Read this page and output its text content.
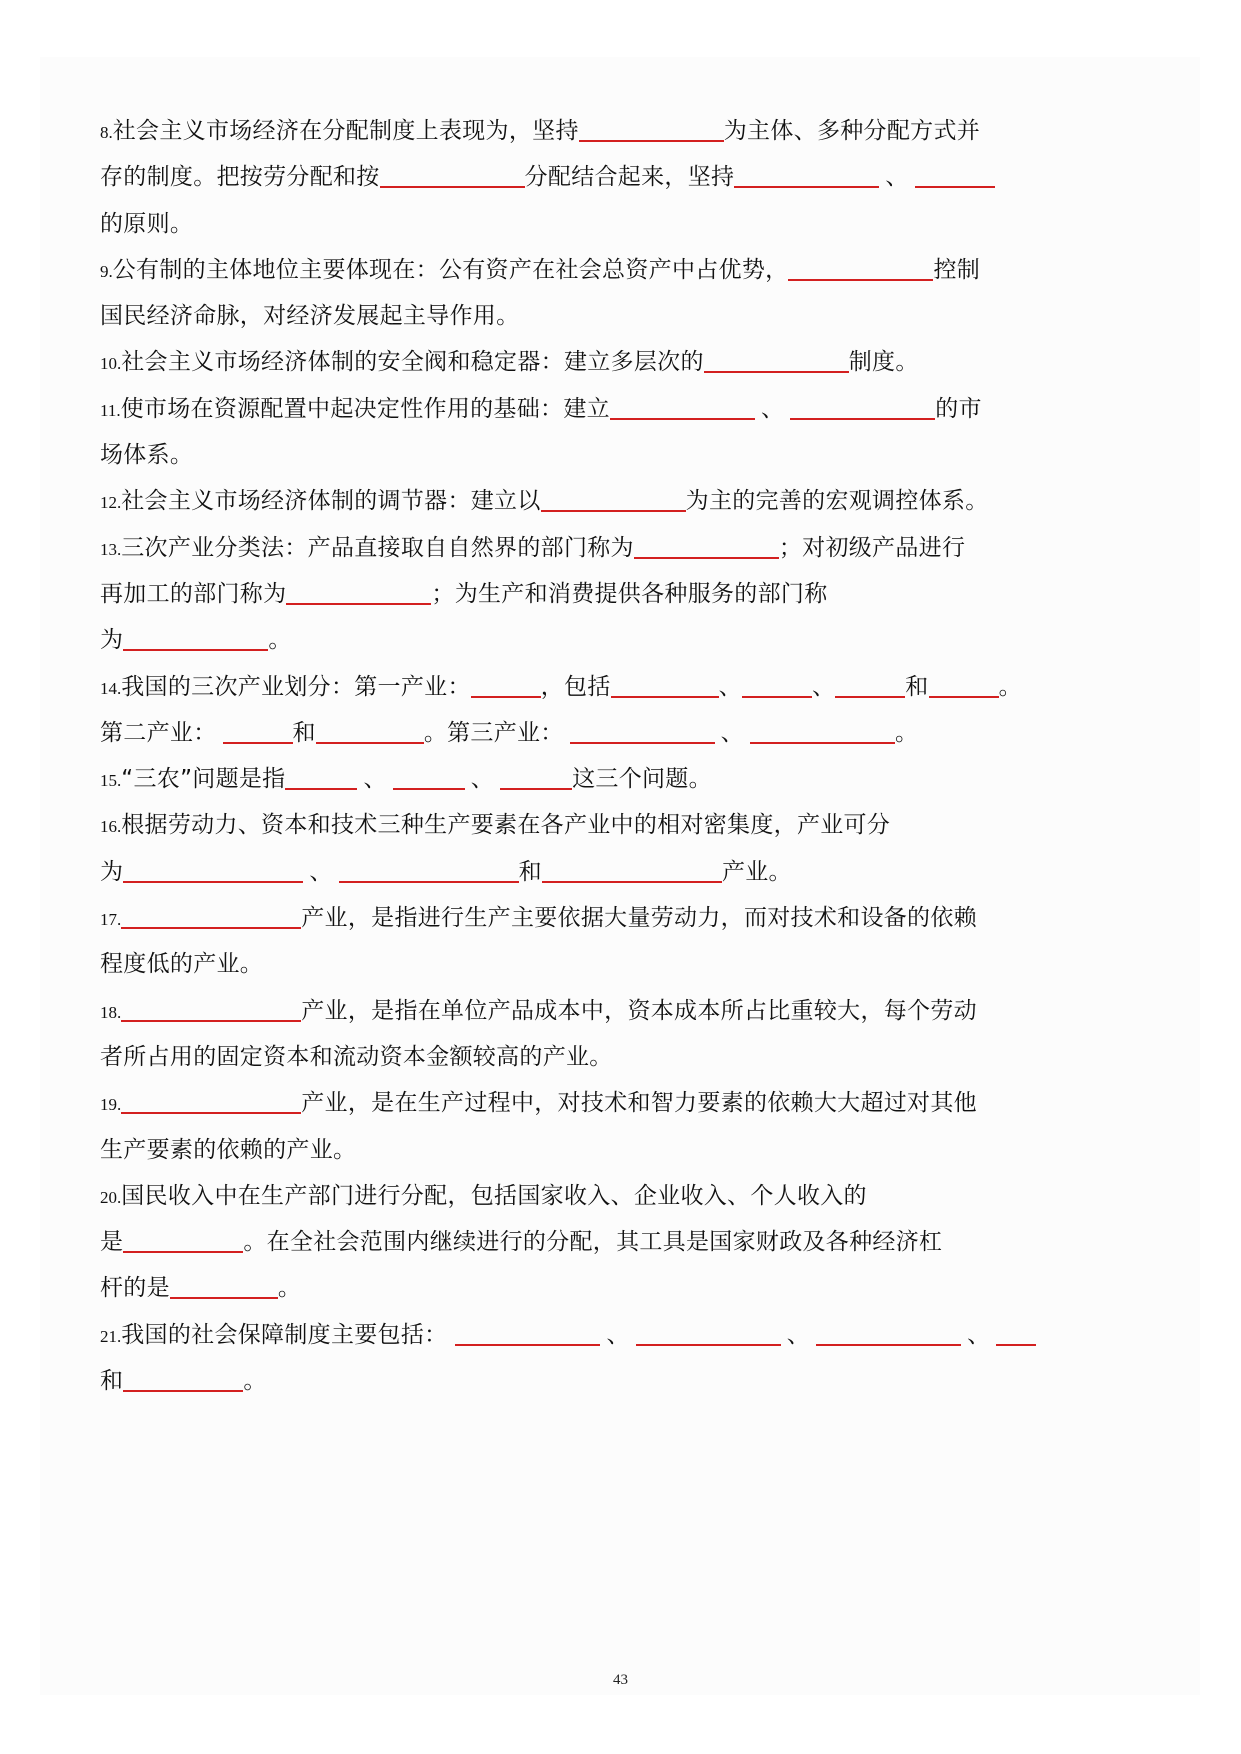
8.社会主义市场经济在分配制度上表现为，坚持	为主体、多种分配方式并
存的制度。把按劳分配和按	分配结合起来，坚持	、
的原则。
9.公有制的主体地位主要体现在：公有资产在社会总资产中占优势，	控制
国民经济命脉，对经济发展起主导作用。
10.社会主义市场经济体制的安全阀和稳定器：建立多层次的	制度。
11.使市场在资源配置中起决定性作用的基础：建立	、	的市
场体系。
12.社会主义市场经济体制的调节器：建立以	为主的完善的宏观调控体系。
13.三次产业分类法：产品直接取自自然界的部门称为	；对初级产品进行
再加工的部门称为	；为生产和消费提供各种服务的部门称
为	。
14.我国的三次产业划分：第一产业：	，包括	、	、	和	。
第二产业：	和	。第三产业：	、	。
15.“三农”问题是指	、	、	这三个问题。
16.根据劳动力、资本和技术三种生产要素在各产业中的相对密集度，产业可分
为	、	和	产业。
17.	产业，是指进行生产主要依据大量劳动力，而对技术和设备的依赖
程度低的产业。
18.	产业，是指在单位产品成本中，资本成本所占比重较大，每个劳动
者所占用的固定资本和流动资本金额较高的产业。
19.	产业，是在生产过程中，对技术和智力要素的依赖大大超过对其他
生产要素的依赖的产业。
20.国民收入中在生产部门进行分配，包括国家收入、企业收入、个人收入的
是	。在全社会范围内继续进行的分配，其工具是国家财政及各种经济杠
杆的是	。
21.我国的社会保障制度主要包括：	、	、	、
和	。
43
